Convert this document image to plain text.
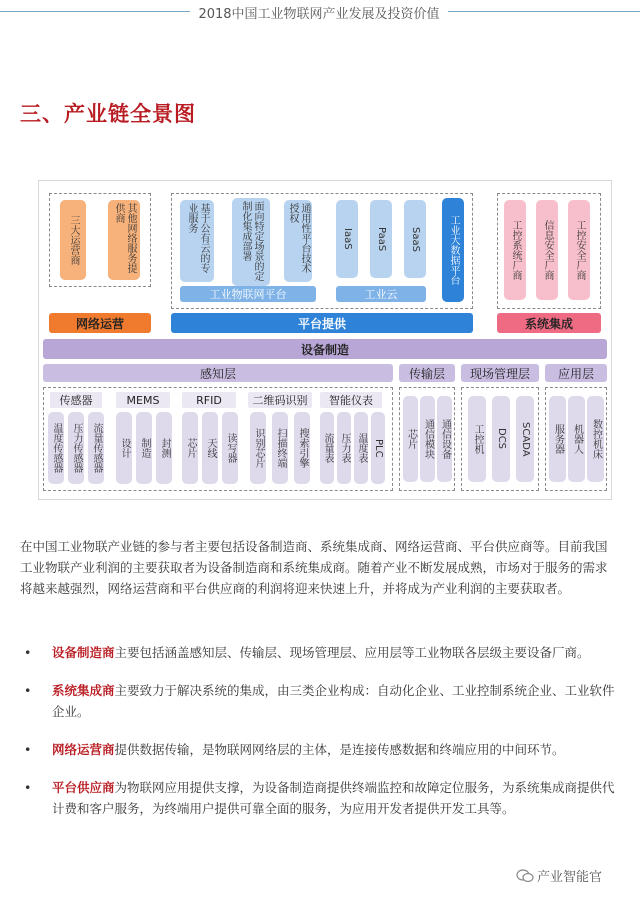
2018中国工业物联网产业发展及投资价值
三、产业链全景图
三大运营商	其他网络服务提供商
网络运营
基于公有云的专业服务	面向特定场景的定制化集成部署	通用性平台技术授权
工业物联网平台
IaaS	PaaS	SaaS
工业云
工业大数据平台
平台提供
工控系统厂商	信息安全厂商	工控安全厂商
系统集成
设备制造
感知层	传输层	现场管理层	应用层
传感器
温度传感器 压力传感器 流量传感器
MEMS
设计 制造 封测
RFID
芯片 天线 读写器
二维码识别
识别芯片	扫描终端	搜索引擎
智能仪表
流量表 压力表 温度表 PLC 芯片 通信模块 通信设备	工控机	DCS	SCADA	服务器 机器人 数控机床
在中国工业物联产业链的参与者主要包括设备制造商、系统集成商、网络运营商、平台供应商等。目前我国工业物联产业利润的主要获取者为设备制造商和系统集成商。随着产业不断发展成熟，市场对于服务的需求将越来越强烈，网络运营商和平台供应商的利润将迎来快速上升，并将成为产业利润的主要获取者。
• 设备制造商主要包括涵盖感知层、传输层、现场管理层、应用层等工业物联各层级主要设备厂商。
• 系统集成商主要致力于解决系统的集成，由三类企业构成：自动化企业、工业控制系统企业、工业软件企业。
• 网络运营商提供数据传输，是物联网网络层的主体，是连接传感数据和终端应用的中间环节。
• 平台供应商为物联网应用提供支撑，为设备制造商提供终端监控和故障定位服务，为系统集成商提供代计费和客户服务，为终端用户提供可靠全面的服务，为应用开发者提供开发工具等。
产业智能官
